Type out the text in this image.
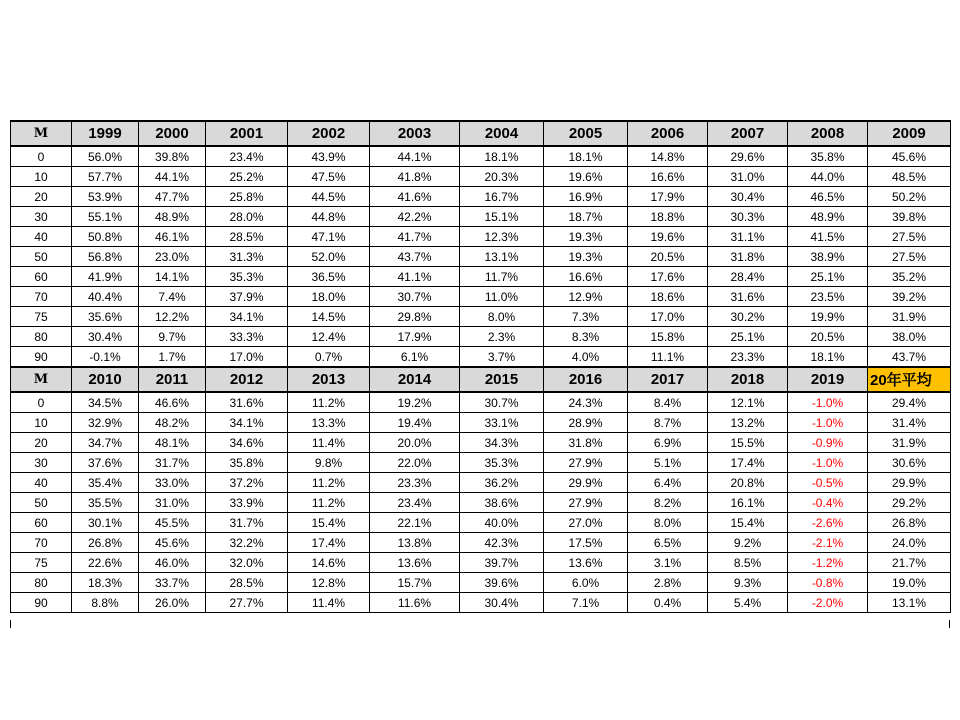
M	1999	2000	2001	2002	2003	2004	2005	2006	2007	2008	2009
0	56.0%	39.8%	23.4%	43.9%	44.1%	18.1%	18.1%	14.8%	29.6%	35.8%	45.6%
10	57.7%	44.1%	25.2%	47.5%	41.8%	20.3%	19.6%	16.6%	31.0%	44.0%	48.5%
20	53.9%	47.7%	25.8%	44.5%	41.6%	16.7%	16.9%	17.9%	30.4%	46.5%	50.2%
30	55.1%	48.9%	28.0%	44.8%	42.2%	15.1%	18.7%	18.8%	30.3%	48.9%	39.8%
40	50.8%	46.1%	28.5%	47.1%	41.7%	12.3%	19.3%	19.6%	31.1%	41.5%	27.5%
50	56.8%	23.0%	31.3%	52.0%	43.7%	13.1%	19.3%	20.5%	31.8%	38.9%	27.5%
60	41.9%	14.1%	35.3%	36.5%	41.1%	11.7%	16.6%	17.6%	28.4%	25.1%	35.2%
70	40.4%	7.4%	37.9%	18.0%	30.7%	11.0%	12.9%	18.6%	31.6%	23.5%	39.2%
75	35.6%	12.2%	34.1%	14.5%	29.8%	8.0%	7.3%	17.0%	30.2%	19.9%	31.9%
80	30.4%	9.7%	33.3%	12.4%	17.9%	2.3%	8.3%	15.8%	25.1%	20.5%	38.0%
90	-0.1%	1.7%	17.0%	0.7%	6.1%	3.7%	4.0%	11.1%	23.3%	18.1%	43.7%
M	2010	2011	2012	2013	2014	2015	2016	2017	2018	2019	20年平均
0	34.5%	46.6%	31.6%	11.2%	19.2%	30.7%	24.3%	8.4%	12.1%	-1.0%	29.4%
10	32.9%	48.2%	34.1%	13.3%	19.4%	33.1%	28.9%	8.7%	13.2%	-1.0%	31.4%
20	34.7%	48.1%	34.6%	11.4%	20.0%	34.3%	31.8%	6.9%	15.5%	-0.9%	31.9%
30	37.6%	31.7%	35.8%	9.8%	22.0%	35.3%	27.9%	5.1%	17.4%	-1.0%	30.6%
40	35.4%	33.0%	37.2%	11.2%	23.3%	36.2%	29.9%	6.4%	20.8%	-0.5%	29.9%
50	35.5%	31.0%	33.9%	11.2%	23.4%	38.6%	27.9%	8.2%	16.1%	-0.4%	29.2%
60	30.1%	45.5%	31.7%	15.4%	22.1%	40.0%	27.0%	8.0%	15.4%	-2.6%	26.8%
70	26.8%	45.6%	32.2%	17.4%	13.8%	42.3%	17.5%	6.5%	9.2%	-2.1%	24.0%
75	22.6%	46.0%	32.0%	14.6%	13.6%	39.7%	13.6%	3.1%	8.5%	-1.2%	21.7%
80	18.3%	33.7%	28.5%	12.8%	15.7%	39.6%	6.0%	2.8%	9.3%	-0.8%	19.0%
90	8.8%	26.0%	27.7%	11.4%	11.6%	30.4%	7.1%	0.4%	5.4%	-2.0%	13.1%
